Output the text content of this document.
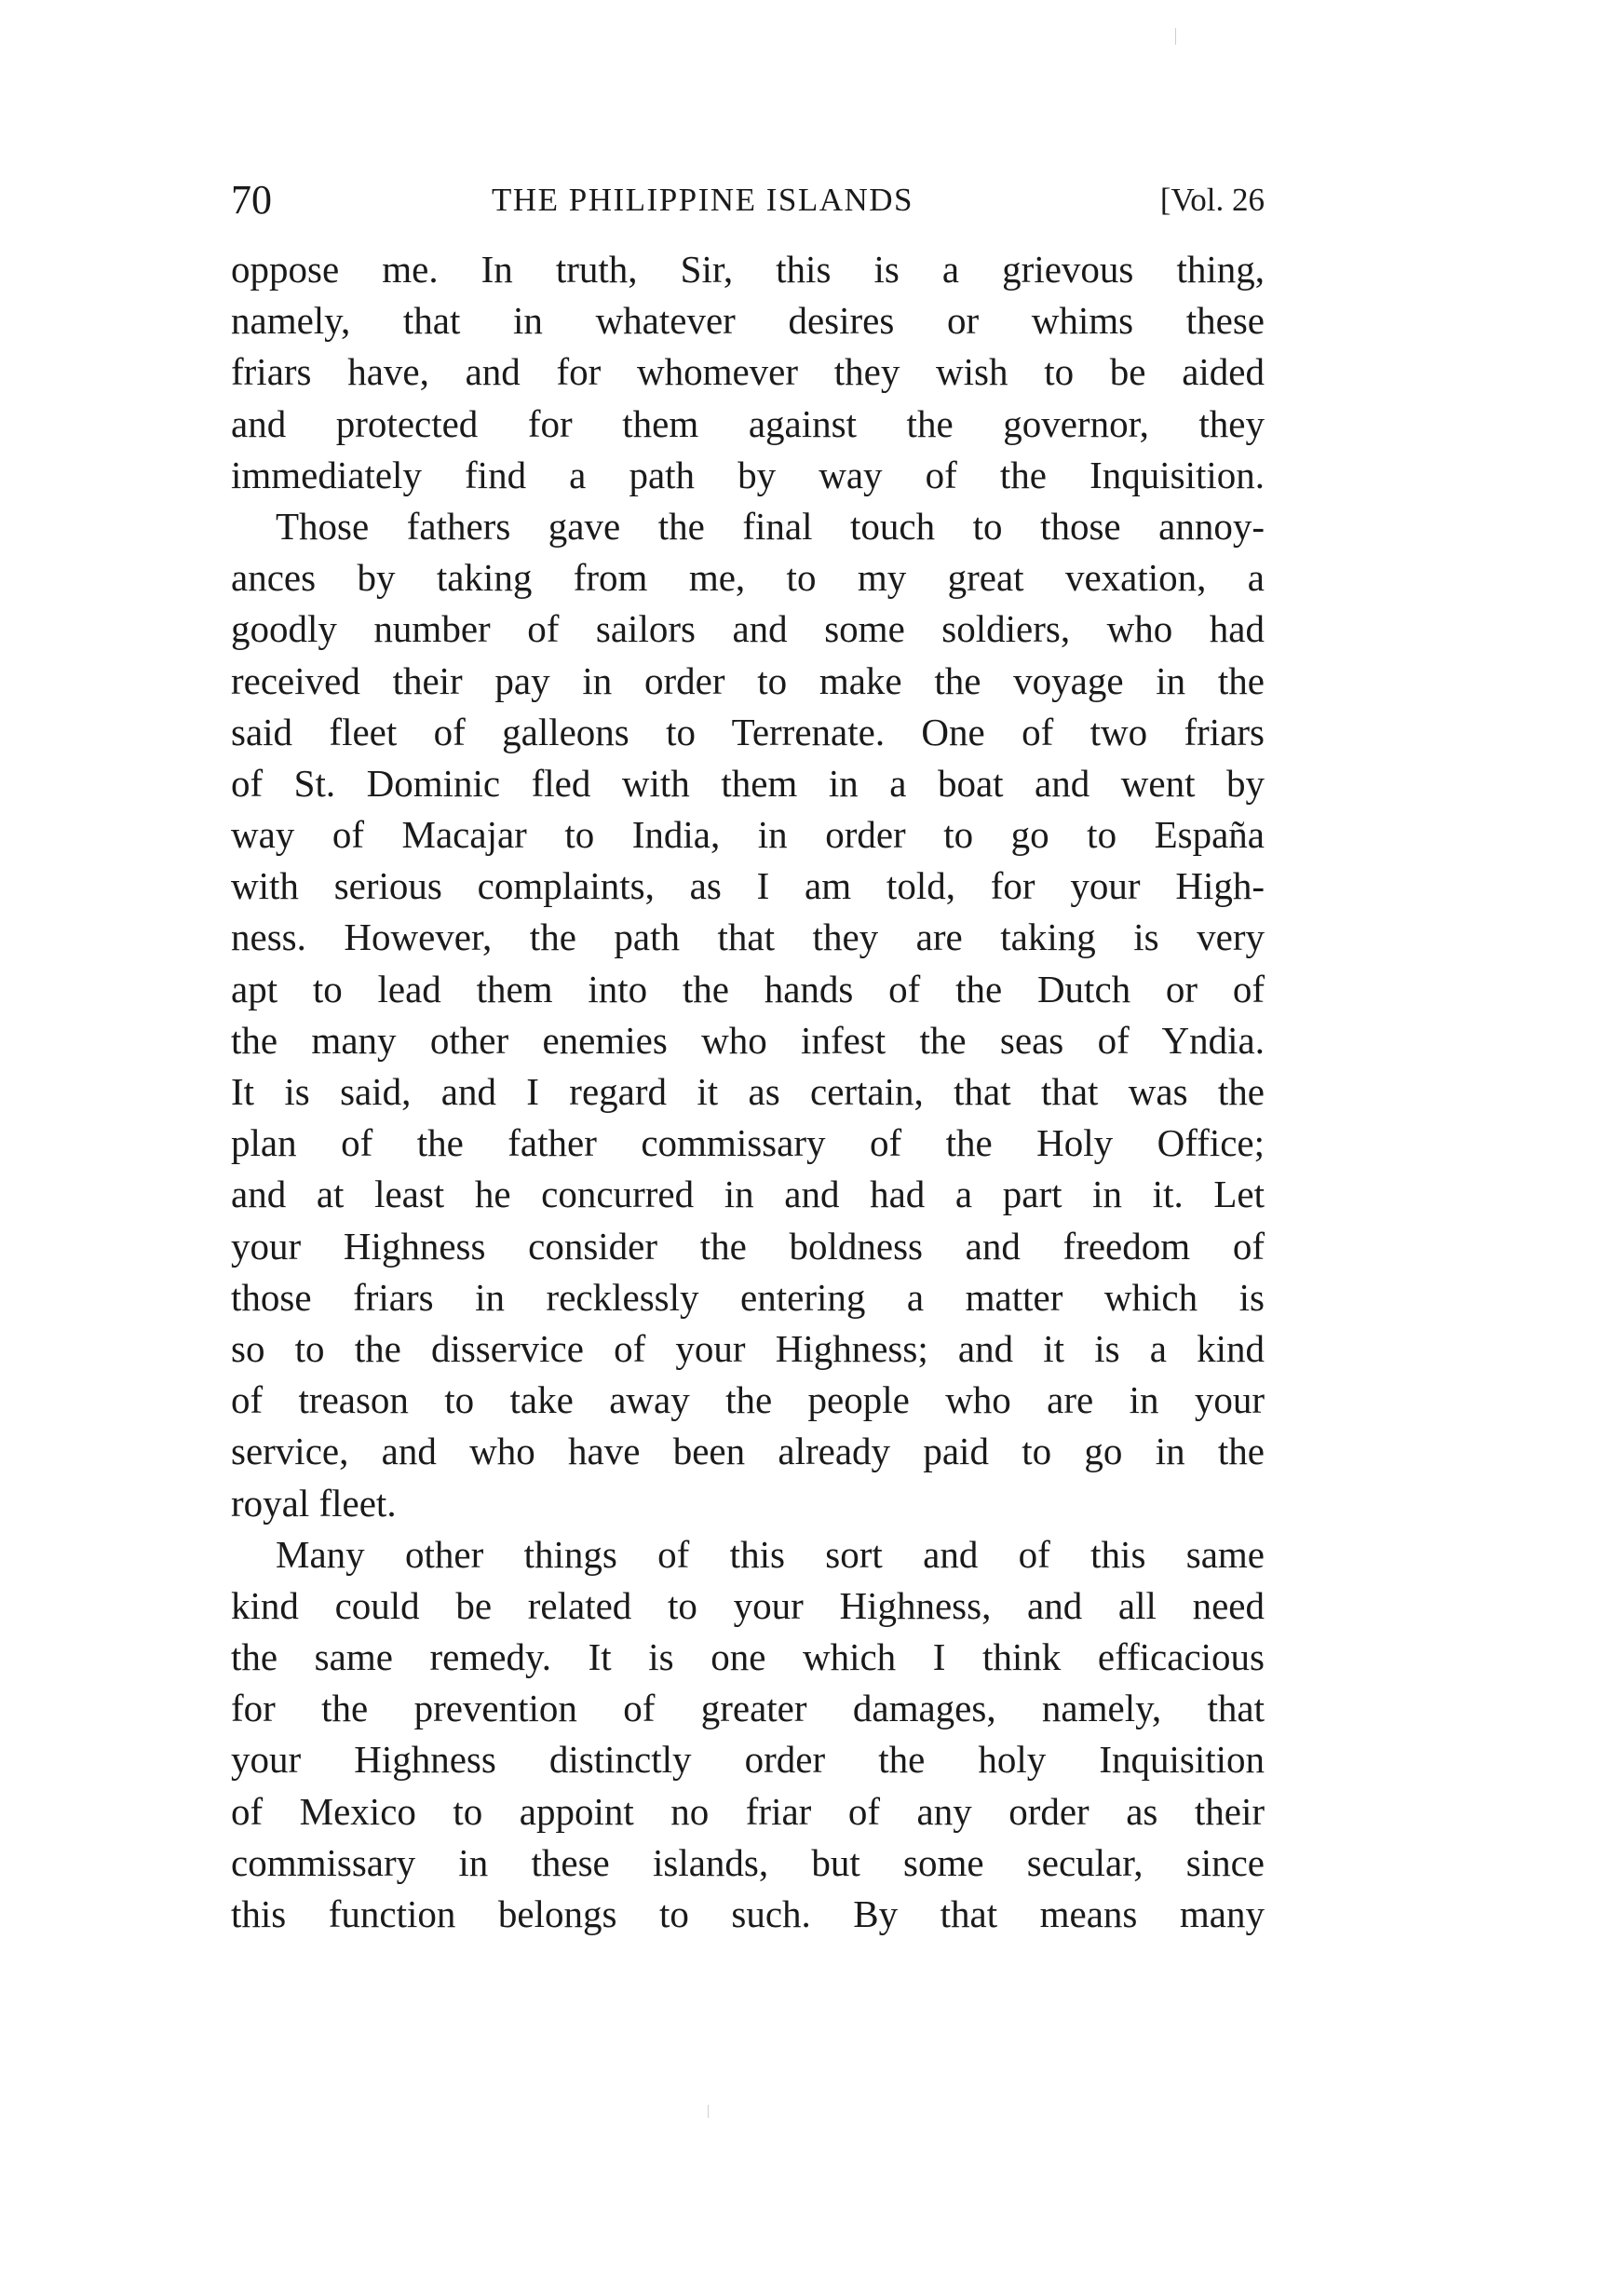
70	THE PHILIPPINE ISLANDS	[Vol. 26
oppose me. In truth, Sir, this is a grievous thing,
namely, that in whatever desires or whims these
friars have, and for whomever they wish to be aided
and protected for them against the governor, they
immediately find a path by way of the Inquisition.
Those fathers gave the final touch to those annoy-
ances by taking from me, to my great vexation, a
goodly number of sailors and some soldiers, who had
received their pay in order to make the voyage in the
said fleet of galleons to Terrenate. One of two friars
of St. Dominic fled with them in a boat and went by
way of Macajar to India, in order to go to España
with serious complaints, as I am told, for your High-
ness. However, the path that they are taking is very
apt to lead them into the hands of the Dutch or of
the many other enemies who infest the seas of Yndia.
It is said, and I regard it as certain, that that was the
plan of the father commissary of the Holy Office;
and at least he concurred in and had a part in it. Let
your Highness consider the boldness and freedom of
those friars in recklessly entering a matter which is
so to the disservice of your Highness; and it is a kind
of treason to take away the people who are in your
service, and who have been already paid to go in the
royal fleet.
Many other things of this sort and of this same
kind could be related to your Highness, and all need
the same remedy. It is one which I think efficacious
for the prevention of greater damages, namely, that
your Highness distinctly order the holy Inquisition
of Mexico to appoint no friar of any order as their
commissary in these islands, but some secular, since
this function belongs to such. By that means many
